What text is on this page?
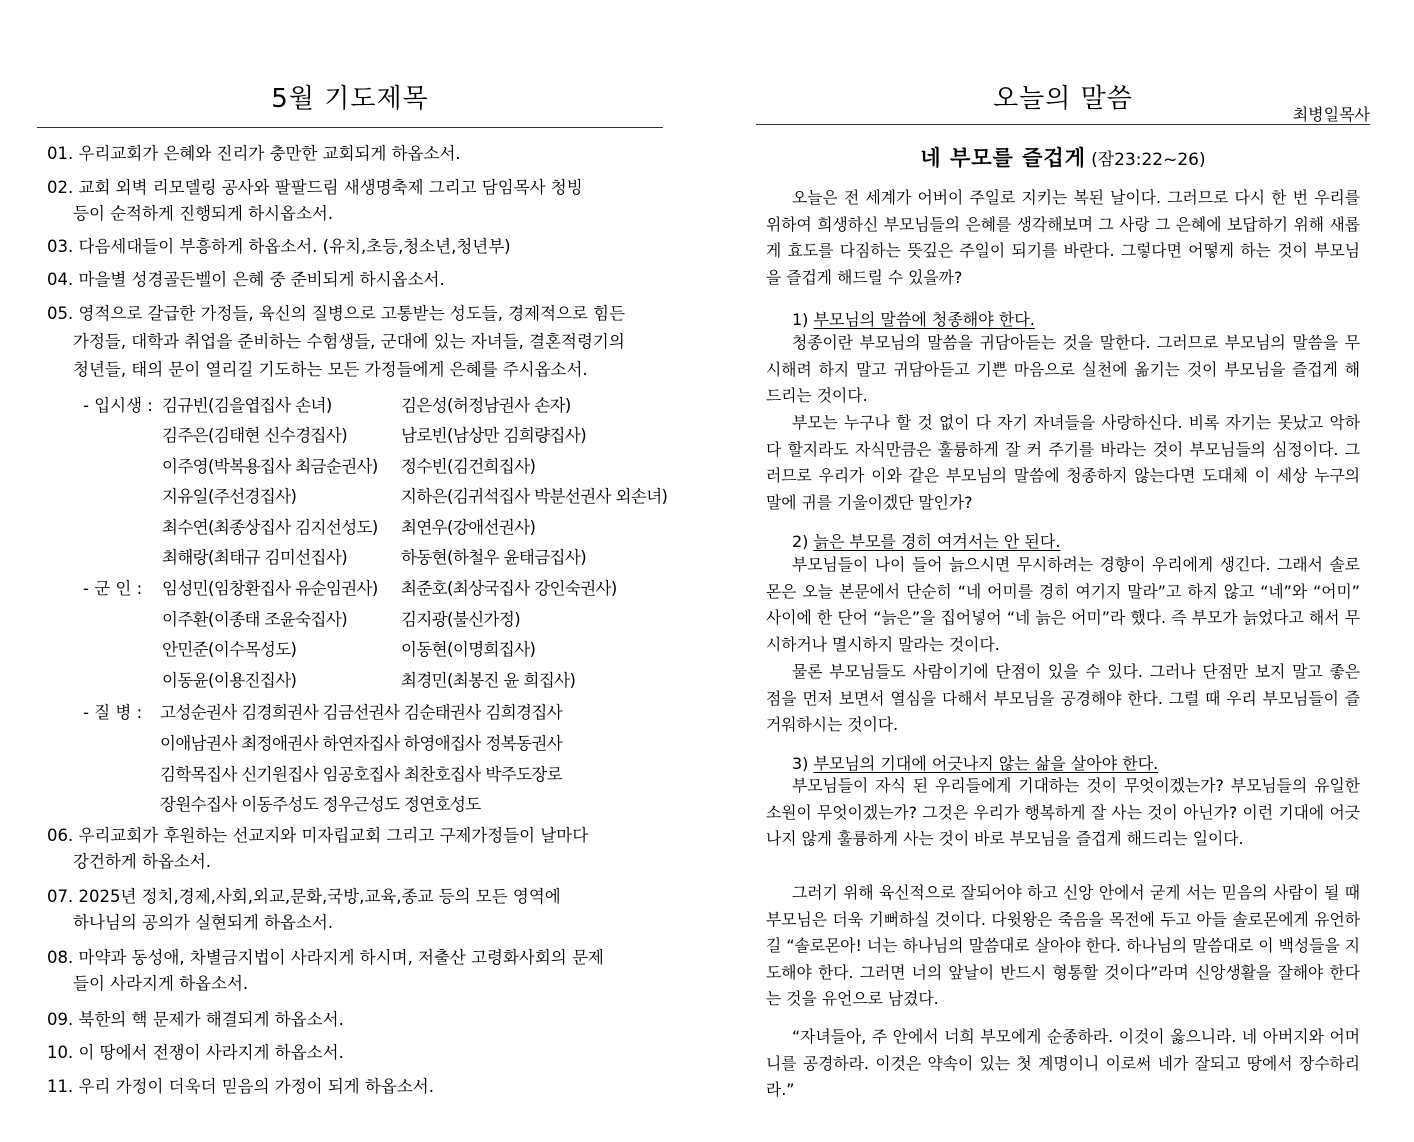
5월 기도제목
01. 우리교회가 은혜와 진리가 충만한 교회되게 하옵소서.
02. 교회 외벽 리모델링 공사와 팔팔드림 새생명축제 그리고 담임목사 청빙
등이 순적하게 진행되게 하시옵소서.
03. 다음세대들이 부흥하게 하옵소서. (유치,초등,청소년,청년부)
04. 마을별 성경골든벨이 은혜 중 준비되게 하시옵소서.
05. 영적으로 갈급한 가정들, 육신의 질병으로 고통받는 성도들, 경제적으로 힘든
가정들, 대학과 취업을 준비하는 수험생들, 군대에 있는 자녀들, 결혼적령기의
청년들, 태의 문이 열리길 기도하는 모든 가정들에게 은혜를 주시옵소서.
- 입시생 : 김규빈(김을엽집사 손녀)	김은성(허정남권사 손자)
김주은(김태현 신수경집사)	남로빈(남상만 김희량집사)
이주영(박복용집사 최금순권사) 정수빈(김건희집사)
지유일(주선경집사)	지하은(김귀석집사 박분선권사 외손녀)
최수연(최종상집사 김지선성도) 최연우(강애선권사)
최해랑(최태규 김미선집사)	하동현(하철우 윤태금집사)
- 군 인 : 임성민(임창환집사 유순임권사) 최준호(최상국집사 강인숙권사)
이주환(이종태 조윤숙집사)	김지광(불신가정)
안민준(이수목성도)	이동현(이명희집사)
이동윤(이용진집사)	최경민(최봉진 윤 희집사)
- 질 병 : 고성순권사 김경희권사 김금선권사 김순태권사 김희경집사
이애남권사 최정애권사 하연자집사 하영애집사 정복동권사
김학목집사 신기원집사 임공호집사 최찬호집사 박주도장로
장원수집사 이동주성도 정우근성도 정연호성도
06. 우리교회가 후원하는 선교지와 미자립교회 그리고 구제가정들이 날마다
강건하게 하옵소서.
07. 2025년 정치,경제,사회,외교,문화,국방,교육,종교 등의 모든 영역에
하나님의 공의가 실현되게 하옵소서.
08. 마약과 동성애, 차별금지법이 사라지게 하시며, 저출산 고령화사회의 문제
들이 사라지게 하옵소서.
09. 북한의 핵 문제가 해결되게 하옵소서.
10. 이 땅에서 전쟁이 사라지게 하옵소서.
11. 우리 가정이 더욱더 믿음의 가정이 되게 하옵소서.
오늘의 말씀
최병일목사
네 부모를 즐겁게 (잠23:22~26)

오늘은 전 세계가 어버이 주일로 지키는 복된 날이다. 그러므로 다시 한 번 우리를 위하여 희생하신 부모님들의 은혜를 생각해보며 그 사랑 그 은혜에 보답하기 위해 새롭게 효도를 다짐하는 뜻깊은 주일이 되기를 바란다. 그렇다면 어떻게 하는 것이 부모님을 즐겁게 해드릴 수 있을까?

1) 부모님의 말씀에 청종해야 한다.

청종이란 부모님의 말씀을 귀담아듣는 것을 말한다. 그러므로 부모님의 말씀을 무시해려 하지 말고 귀담아듣고 기쁜 마음으로 실천에 옮기는 것이 부모님을 즐겁게 해 드리는 것이다.

부모는 누구나 할 것 없이 다 자기 자녀들을 사랑하신다. 비록 자기는 못났고 악하다 할지라도 자식만큼은 훌륭하게 잘 커 주기를 바라는 것이 부모님들의 심정이다. 그러므로 우리가 이와 같은 부모님의 말씀에 청종하지 않는다면 도대체 이 세상 누구의 말에 귀를 기울이겠단 말인가?

2) 늙은 부모를 경히 여겨서는 안 된다.

부모님들이 나이 들어 늙으시면 무시하려는 경향이 우리에게 생긴다. 그래서 솔로몬은 오늘 본문에서 단순히 “네 어미를 경히 여기지 말라”고 하지 않고 “네”와 “어미” 사이에 한 단어 “늙은”을 집어넣어 “네 늙은 어미”라 했다. 즉 부모가 늙었다고 해서 무시하거나 멸시하지 말라는 것이다.

물론 부모님들도 사람이기에 단점이 있을 수 있다. 그러나 단점만 보지 말고 좋은 점을 먼저 보면서 열심을 다해서 부모님을 공경해야 한다. 그럴 때 우리 부모님들이 즐거워하시는 것이다.

3) 부모님의 기대에 어긋나지 않는 삶을 살아야 한다.

부모님들이 자식 된 우리들에게 기대하는 것이 무엇이겠는가? 부모님들의 유일한 소원이 무엇이겠는가? 그것은 우리가 행복하게 잘 사는 것이 아닌가? 이런 기대에 어긋나지 않게 훌륭하게 사는 것이 바로 부모님을 즐겁게 해드리는 일이다.

그러기 위해 육신적으로 잘되어야 하고 신앙 안에서 굳게 서는 믿음의 사람이 될 때 부모님은 더욱 기뻐하실 것이다. 다윗왕은 죽음을 목전에 두고 아들 솔로몬에게 유언하길 “솔로몬아! 너는 하나님의 말씀대로 살아야 한다. 하나님의 말씀대로 이 백성들을 지도해야 한다. 그러면 너의 앞날이 반드시 형통할 것이다”라며 신앙생활을 잘해야 한다는 것을 유언으로 남겼다.

“자녀들아, 주 안에서 너희 부모에게 순종하라. 이것이 옳으니라. 네 아버지와 어머니를 공경하라. 이것은 약속이 있는 첫 계명이니 이로써 네가 잘되고 땅에서 장수하리라.”
